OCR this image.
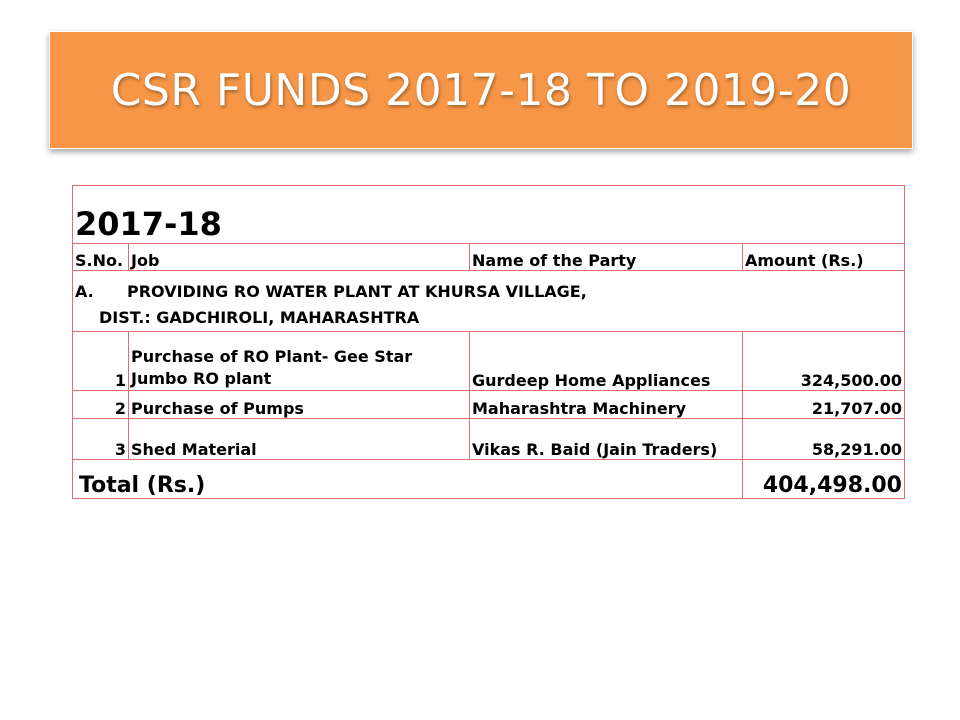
CSR FUNDS 2017-18 TO 2019-20
2017-18			
S.No.	Job	Name of the Party	Amount (Rs.)

A. PROVIDING RO WATER PLANT AT KHURSA VILLAGE,
DIST.: GADCHIROLI, MAHARASHTRA			

1	Purchase of RO Plant- Gee Star Jumbo RO plant	Gurdeep Home Appliances	324,500.00
2	Purchase of Pumps	Maharashtra Machinery	21,707.00
3	Shed Material	Vikas R. Baid (Jain Traders)	58,291.00
Total (Rs.)			404,498.00
